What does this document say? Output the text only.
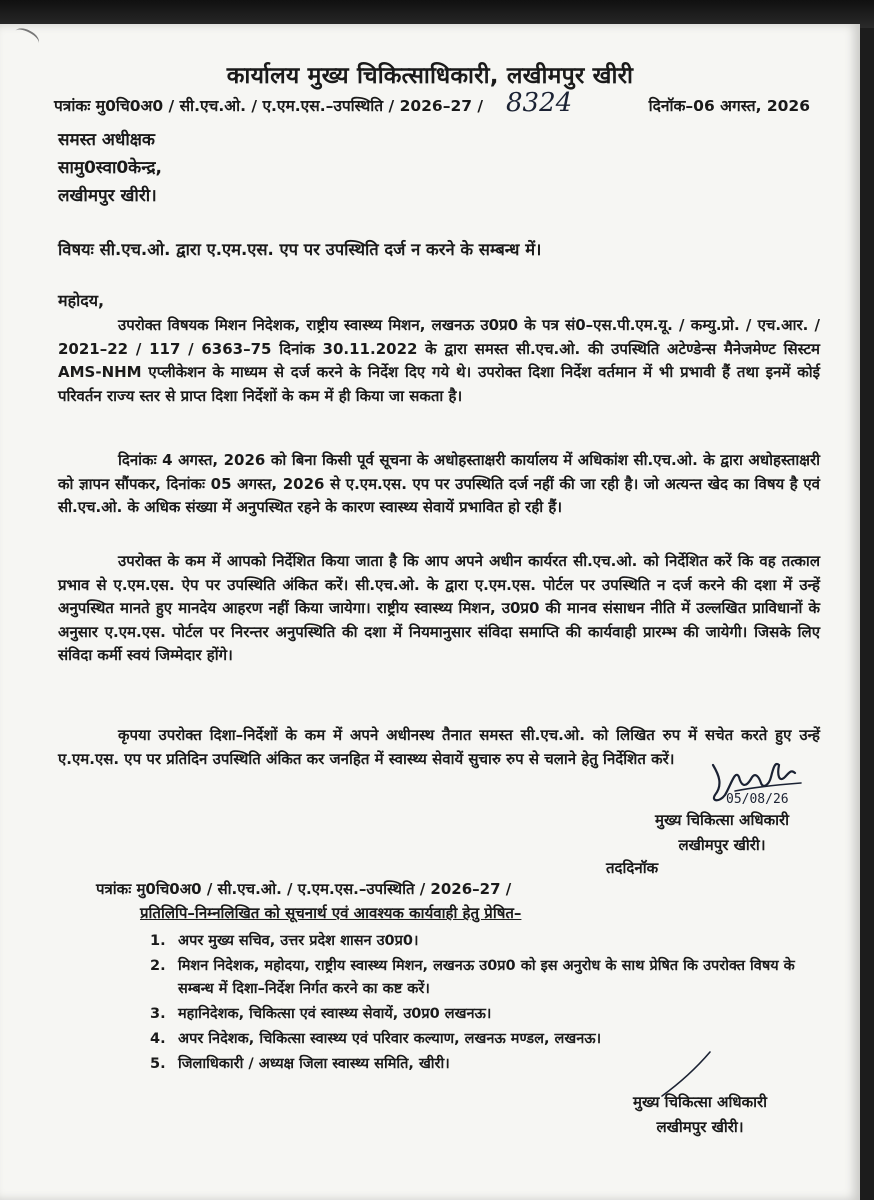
कार्यालय मुख्य चिकित्साधिकारी, लखीमपुर खीरी
पत्रांकः मु0चि0अ0 / सी.एच.ओ. / ए.एम.एस.–उपस्थिति / 2026–27 / 8324	दिनॉक–06 अगस्त, 2026
समस्त अधीक्षक
सामु0स्वा0केन्द्र,
लखीमपुर खीरी।
विषयः सी.एच.ओ. द्वारा ए.एम.एस. एप पर उपस्थिति दर्ज न करने के सम्बन्ध में।
महोदय,
उपरोक्त विषयक मिशन निदेशक, राष्ट्रीय स्वास्थ्य मिशन, लखनऊ उ0प्र0 के पत्र सं0–एस.पी.एम.यू. / कम्यु.प्रो. / एच.आर. / 2021–22 / 117 / 6363–75 दिनांक 30.11.2022 के द्वारा समस्त सी.एच.ओ. की उपस्थिति अटेण्डेन्स मैनेजमेण्ट सिस्टम AMS-NHM एप्लीकेशन के माध्यम से दर्ज करने के निर्देश दिए गये थे। उपरोक्त दिशा निर्देश वर्तमान में भी प्रभावी हैं तथा इनमें कोई परिवर्तन राज्य स्तर से प्राप्त दिशा निर्देशों के कम में ही किया जा सकता है।
दिनांकः 4 अगस्त, 2026 को बिना किसी पूर्व सूचना के अधोहस्ताक्षरी कार्यालय में अधिकांश सी.एच.ओ. के द्वारा अधोहस्ताक्षरी को ज्ञापन सौंपकर, दिनांकः 05 अगस्त, 2026 से ए.एम.एस. एप पर उपस्थिति दर्ज नहीं की जा रही है। जो अत्यन्त खेद का विषय है एवं सी.एच.ओ. के अधिक संख्या में अनुपस्थित रहने के कारण स्वास्थ्य सेवायें प्रभावित हो रही हैं।
उपरोक्त के कम में आपको निर्देशित किया जाता है कि आप अपने अधीन कार्यरत सी.एच.ओ. को निर्देशित करें कि वह तत्काल प्रभाव से ए.एम.एस. ऐप पर उपस्थिति अंकित करें। सी.एच.ओ. के द्वारा ए.एम.एस. पोर्टल पर उपस्थिति न दर्ज करने की दशा में उन्हें अनुपस्थित मानते हुए मानदेय आहरण नहीं किया जायेगा। राष्ट्रीय स्वास्थ्य मिशन, उ0प्र0 की मानव संसाधन नीति में उल्लखित प्राविधानों के अनुसार ए.एम.एस. पोर्टल पर निरन्तर अनुपस्थिति की दशा में नियमानुसार संविदा समाप्ति की कार्यवाही प्रारम्भ की जायेगी। जिसके लिए संविदा कर्मी स्वयं जिम्मेदार होंगे।
कृपया उपरोक्त दिशा–निर्देशों के कम में अपने अधीनस्थ तैनात समस्त सी.एच.ओ. को लिखित रुप में सचेत करते हुए उन्हें ए.एम.एस. एप पर प्रतिदिन उपस्थिति अंकित कर जनहित में स्वास्थ्य सेवायें सुचारु रुप से चलाने हेतु निर्देशित करें।
05/08/26
मुख्य चिकित्सा अधिकारी
लखीमपुर खीरी।
तददिनॉक
पत्रांकः मु0चि0अ0 / सी.एच.ओ. / ए.एम.एस.–उपस्थिति / 2026–27 /
प्रतिलिपि–निम्नलिखित को सूचनार्थ एवं आवश्यक कार्यवाही हेतु प्रेषित–
1. अपर मुख्य सचिव, उत्तर प्रदेश शासन उ0प्र0।
2. मिशन निदेशक, महोदया, राष्ट्रीय स्वास्थ्य मिशन, लखनऊ उ0प्र0 को इस अनुरोध के साथ प्रेषित कि उपरोक्त विषय के सम्बन्ध में दिशा–निर्देश निर्गत करने का कष्ट करें।
3. महानिदेशक, चिकित्सा एवं स्वास्थ्य सेवायें, उ0प्र0 लखनऊ।
4. अपर निदेशक, चिकित्सा स्वास्थ्य एवं परिवार कल्याण, लखनऊ मण्डल, लखनऊ।
5. जिलाधिकारी / अध्यक्ष जिला स्वास्थ्य समिति, खीरी।
मुख्य चिकित्सा अधिकारी
लखीमपुर खीरी।
